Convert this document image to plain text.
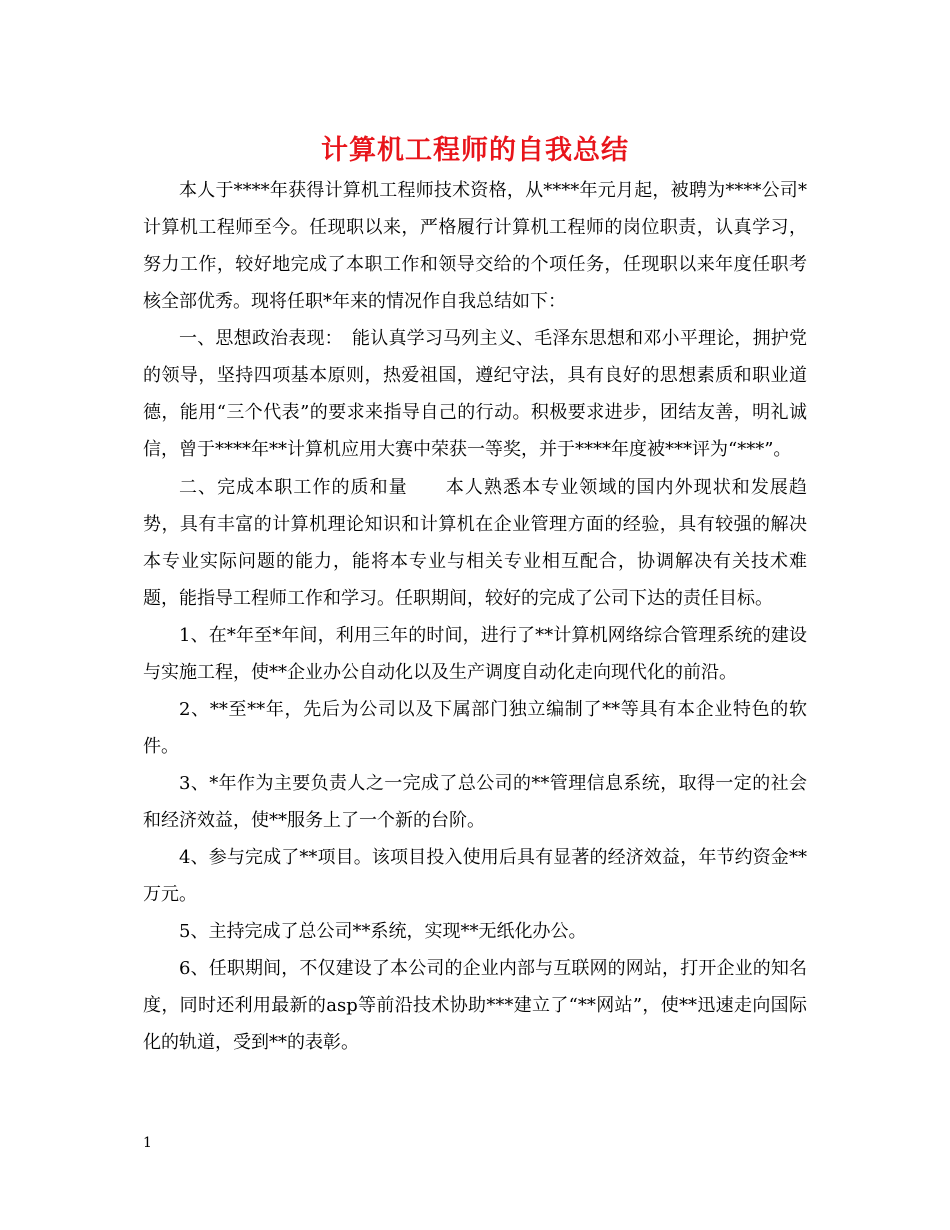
计算机工程师的自我总结

本人于****年获得计算机工程师技术资格，从****年元月起，被聘为****公司*计算机工程师至今。任现职以来，严格履行计算机工程师的岗位职责，认真学习，努力工作，较好地完成了本职工作和领导交给的个项任务，任现职以来年度任职考核全部优秀。现将任职*年来的情况作自我总结如下：

一、思想政治表现：　能认真学习马列主义、毛泽东思想和邓小平理论，拥护党的领导，坚持四项基本原则，热爱祖国，遵纪守法，具有良好的思想素质和职业道德，能用“三个代表”的要求来指导自己的行动。积极要求进步，团结友善，明礼诚信，曾于****年**计算机应用大赛中荣获一等奖，并于****年度被***评为“***”。

二、完成本职工作的质和量　　本人熟悉本专业领域的国内外现状和发展趋势，具有丰富的计算机理论知识和计算机在企业管理方面的经验，具有较强的解决本专业实际问题的能力，能将本专业与相关专业相互配合，协调解决有关技术难题，能指导工程师工作和学习。任职期间，较好的完成了公司下达的责任目标。

1、在*年至*年间，利用三年的时间，进行了**计算机网络综合管理系统的建设与实施工程，使**企业办公自动化以及生产调度自动化走向现代化的前沿。

2、**至**年，先后为公司以及下属部门独立编制了**等具有本企业特色的软件。

3、*年作为主要负责人之一完成了总公司的**管理信息系统，取得一定的社会和经济效益，使**服务上了一个新的台阶。

4、参与完成了**项目。该项目投入使用后具有显著的经济效益，年节约资金**万元。

5、主持完成了总公司**系统，实现**无纸化办公。

6、任职期间，不仅建设了本公司的企业内部与互联网的网站，打开企业的知名度，同时还利用最新的asp等前沿技术协助***建立了“**网站”，使**迅速走向国际化的轨道，受到**的表彰。

1
